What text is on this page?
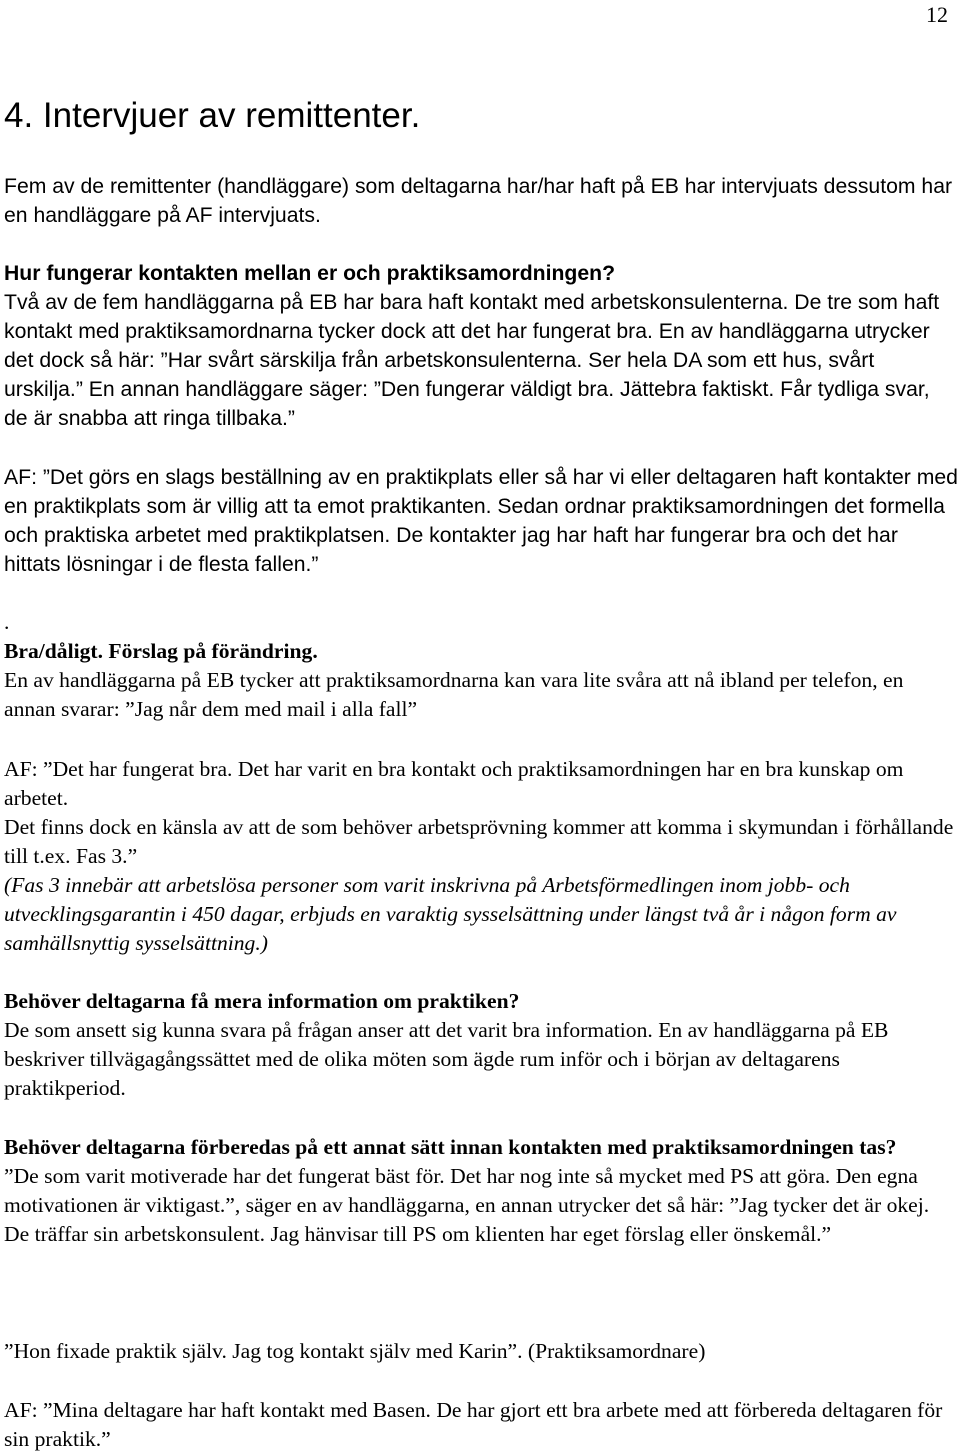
12
4. Intervjuer av remittenter.

Fem av de remittenter (handläggare) som deltagarna har/har haft på EB har intervjuats dessutom har en handläggare på AF intervjuats.

Hur fungerar kontakten mellan er och praktiksamordningen?

Två av de fem handläggarna på EB har bara haft kontakt med arbetskonsulenterna. De tre som haft kontakt med praktiksamordnarna tycker dock att det har fungerat bra. En av handläggarna utrycker det dock så här: ”Har svårt särskilja från arbetskonsulenterna. Ser hela DA som ett hus, svårt urskilja.” En annan handläggare säger: ”Den fungerar väldigt bra. Jättebra faktiskt. Får tydliga svar, de är snabba att ringa tillbaka.”

AF: ”Det görs en slags beställning av en praktikplats eller så har vi eller deltagaren haft kontakter med en praktikplats som är villig att ta emot praktikanten. Sedan ordnar praktiksamordningen det formella och praktiska arbetet med praktikplatsen. De kontakter jag har haft har fungerar bra och det har hittats lösningar i de flesta fallen.”

.

Bra/dåligt. Förslag på förändring.

En av handläggarna på EB tycker att praktiksamordnarna kan vara lite svåra att nå ibland per telefon, en annan svarar: ”Jag når dem med mail i alla fall”

AF: ”Det har fungerat bra. Det har varit en bra kontakt och praktiksamordningen har en bra kunskap om arbetet.

Det finns dock en känsla av att de som behöver arbetsprövning kommer att komma i skymundan i förhållande till t.ex. Fas 3.”

(Fas 3 innebär att arbetslösa personer som varit inskrivna på Arbetsförmedlingen inom jobb- och utvecklingsgarantin i 450 dagar, erbjuds en varaktig sysselsättning under längst två år i någon form av samhällsnyttig sysselsättning.)

Behöver deltagarna få mera information om praktiken?

De som ansett sig kunna svara på frågan anser att det varit bra information. En av handläggarna på EB beskriver tillvägagångssättet med de olika möten som ägde rum inför och i början av deltagarens praktikperiod.

Behöver deltagarna förberedas på ett annat sätt innan kontakten med praktiksamordningen tas?

”De som varit motiverade har det fungerat bäst för. Det har nog inte så mycket med PS att göra. Den egna motivationen är viktigast.”, säger en av handläggarna, en annan utrycker det så här: ”Jag tycker det är okej. De träffar sin arbetskonsulent. Jag hänvisar till PS om klienten har eget förslag eller önskemål.”

”Hon fixade praktik själv. Jag tog kontakt själv med Karin”. (Praktiksamordnare)

AF: ”Mina deltagare har haft kontakt med Basen. De har gjort ett bra arbete med att förbereda deltagaren för sin praktik.”
